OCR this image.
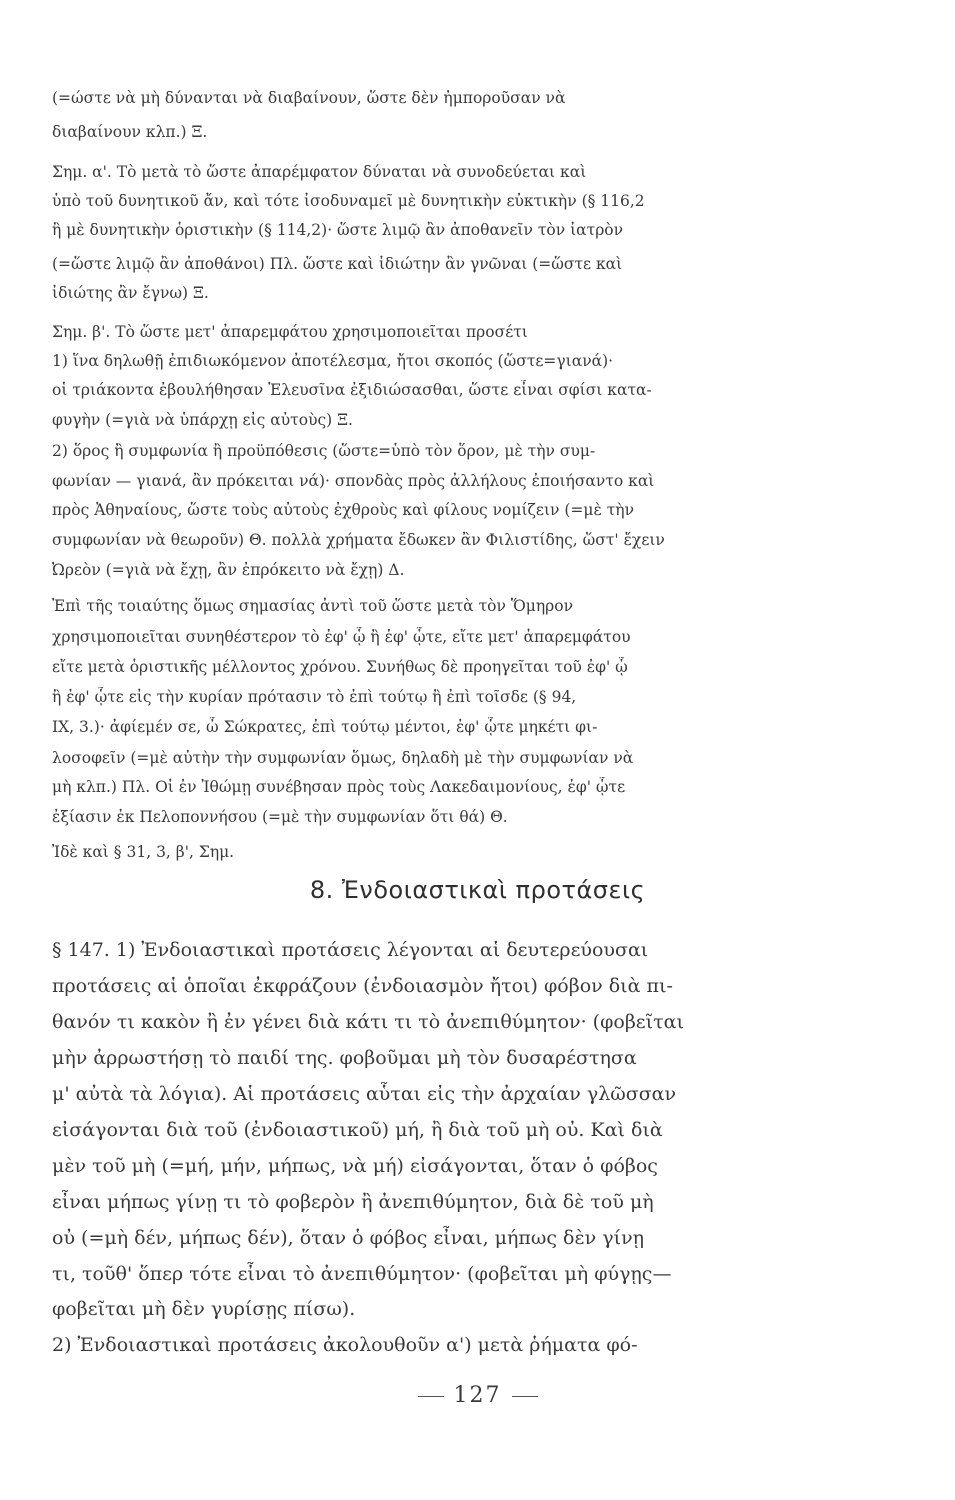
(=ώστε νὰ μὴ δύνανται νὰ διαβαίνουν, ὥστε δὲν ἠμποροῦσαν νὰ
διαβαίνουν κλπ.) Ξ.
Σημ. α'. Τὸ μετὰ τὸ ὥστε ἀπαρέμφατον δύναται νὰ συνοδεύεται καὶ
ὑπὸ τοῦ δυνητικοῦ ἄν, καὶ τότε ἰσοδυναμεῖ μὲ δυνητικὴν εὐκτικὴν (§ 116,2
ἢ μὲ δυνητικὴν ὁριστικὴν (§ 114,2)· ὥστε λιμῷ ἂν ἀποθανεῖν τὸν ἰατρὸν
(=ὥστε λιμῷ ἂν ἀποθάνοι) Πλ. ὥστε καὶ ἰδιώτην ἂν γνῶναι (=ὥστε καὶ
ἰδιώτης ἂν ἔγνω) Ξ.
Σημ. β'. Τὸ ὥστε μετ' ἀπαρεμφάτου χρησιμοποιεῖται προσέτι
1) ἵνα δηλωθῇ ἐπιδιωκόμενον ἀποτέλεσμα, ἤτοι σκοπός (ὥστε=γιανά)·
οἱ τριάκοντα ἐβουλήθησαν Ἐλευσῖνα ἐξιδιώσασθαι, ὥστε εἶναι σφίσι κατα-
φυγὴν (=γιὰ νὰ ὑπάρχῃ εἰς αὐτοὺς) Ξ.
2) ὅρος ἢ συμφωνία ἢ προϋπόθεσις (ὥστε=ὑπὸ τὸν ὅρον, μὲ τὴν συμ-
φωνίαν — γιανά, ἂν πρόκειται νά)· σπονδὰς πρὸς ἀλλήλους ἐποιήσαντο καὶ
πρὸς Ἀθηναίους, ὥστε τοὺς αὐτοὺς ἐχθροὺς καὶ φίλους νομίζειν (=μὲ τὴν
συμφωνίαν νὰ θεωροῦν) Θ. πολλὰ χρήματα ἔδωκεν ἂν Φιλιστίδης, ὥστ' ἔχειν
Ὠρεὸν (=γιὰ νὰ ἔχῃ, ἂν ἐπρόκειτο νὰ ἔχῃ) Δ.
Ἐπὶ τῆς τοιαύτης ὅμως σημασίας ἀντὶ τοῦ ὥστε μετὰ τὸν Ὅμηρον
χρησιμοποιεῖται συνηθέστερον τὸ ἐφ' ᾧ ἢ ἐφ' ᾧτε, εἴτε μετ' ἀπαρεμφάτου
εἴτε μετὰ ὁριστικῆς μέλλοντος χρόνου. Συνήθως δὲ προηγεῖται τοῦ ἐφ' ᾧ
ἢ ἐφ' ᾧτε εἰς τὴν κυρίαν πρότασιν τὸ ἐπὶ τούτῳ ἢ ἐπὶ τοῖσδε (§ 94,
IX, 3.)· ἀφίεμέν σε, ὦ Σώκρατες, ἐπὶ τούτῳ μέντοι, ἐφ' ᾧτε μηκέτι φι-
λοσοφεῖν (=μὲ αὐτὴν τὴν συμφωνίαν ὅμως, δηλαδὴ μὲ τὴν συμφωνίαν νὰ
μὴ κλπ.) Πλ. Οἱ ἐν Ἰθώμῃ συνέβησαν πρὸς τοὺς Λακεδαιμονίους, ἐφ' ᾧτε
ἐξίασιν ἐκ Πελοποννήσου (=μὲ τὴν συμφωνίαν ὅτι θά) Θ.
Ἰδὲ καὶ § 31, 3, β', Σημ.
8. Ἐνδοιαστικαὶ προτάσεις
§ 147. 1) Ἐνδοιαστικαὶ προτάσεις λέγονται αἱ δευτερεύουσαι
προτάσεις αἱ ὁποῖαι ἐκφράζουν (ἐνδοιασμὸν ἤτοι) φόβον διὰ πι-
θανόν τι κακὸν ἢ ἐν γένει διὰ κάτι τι τὸ ἀνεπιθύμητον· (φοβεῖται
μὴν ἀρρωστήσῃ τὸ παιδί της. φοβοῦμαι μὴ τὸν δυσαρέστησα
μ' αὐτὰ τὰ λόγια). Αἱ προτάσεις αὗται εἰς τὴν ἀρχαίαν γλῶσσαν
εἰσάγονται διὰ τοῦ (ἐνδοιαστικοῦ) μή, ἢ διὰ τοῦ μὴ οὐ. Καὶ διὰ
μὲν τοῦ μὴ (=μή, μήν, μήπως, νὰ μή) εἰσάγονται, ὅταν ὁ φόβος
εἶναι μήπως γίνῃ τι τὸ φοβερὸν ἢ ἀνεπιθύμητον, διὰ δὲ τοῦ μὴ
οὐ (=μὴ δέν, μήπως δέν), ὅταν ὁ φόβος εἶναι, μήπως δὲν γίνῃ
τι, τοῦθ' ὅπερ τότε εἶναι τὸ ἀνεπιθύμητον· (φοβεῖται μὴ φύγῃς—
φοβεῖται μὴ δὲν γυρίσῃς πίσω).
2) Ἐνδοιαστικαὶ προτάσεις ἀκολουθοῦν α') μετὰ ῥήματα φό-
127
